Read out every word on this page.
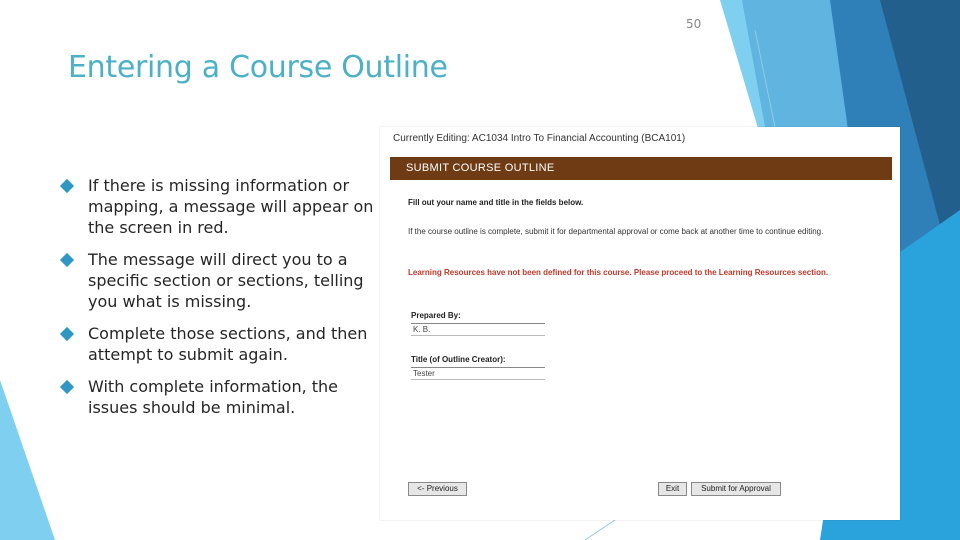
50
Entering a Course Outline
If there is missing information or mapping, a message will appear on the screen in red.
The message will direct you to a specific section or sections, telling you what is missing.
Complete those sections, and then attempt to submit again.
With complete information, the issues should be minimal.
Currently Editing: AC1034 Intro To Financial Accounting (BCA101)
SUBMIT COURSE OUTLINE
Fill out your name and title in the fields below.
If the course outline is complete, submit it for departmental approval or come back at another time to continue editing.
Learning Resources have not been defined for this course. Please proceed to the Learning Resources section.
Prepared By:
K. B.
Title (of Outline Creator):
Tester
<- Previous	Exit	Submit for Approval
